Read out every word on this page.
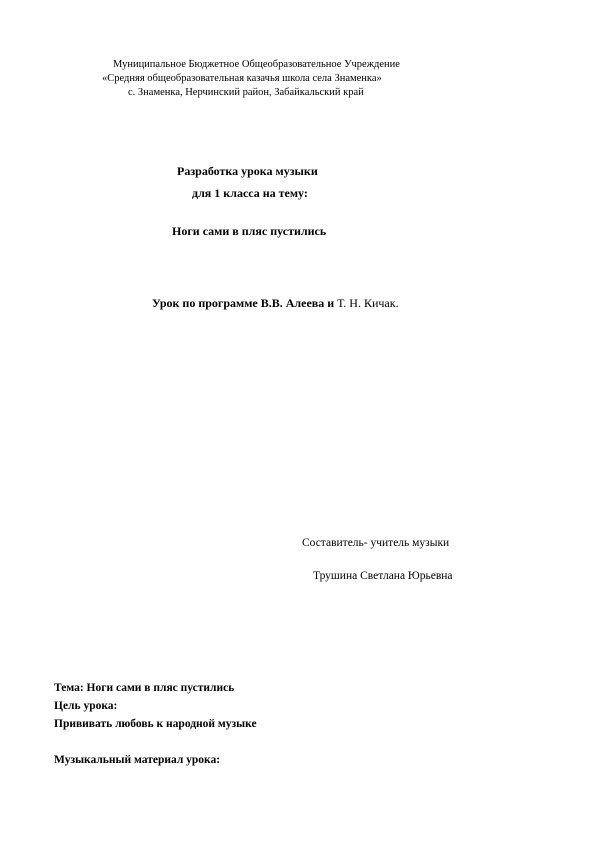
Муниципальное Бюджетное Общеобразовательное Учреждение
«Средняя общеобразовательная казачья школа села Знаменка»
с. Знаменка, Нерчинский район, Забайкальский край
Разработка урока музыки
для 1 класса на тему:
Ноги сами в пляс пустились
Урок по программе В.В. Алеева и Т. Н. Кичак.
Составитель- учитель музыки
Трушина Светлана Юрьевна
Тема: Ноги сами в пляс пустились
Цель урока:
Прививать любовь к народной музыке
Музыкальный материал урока:
